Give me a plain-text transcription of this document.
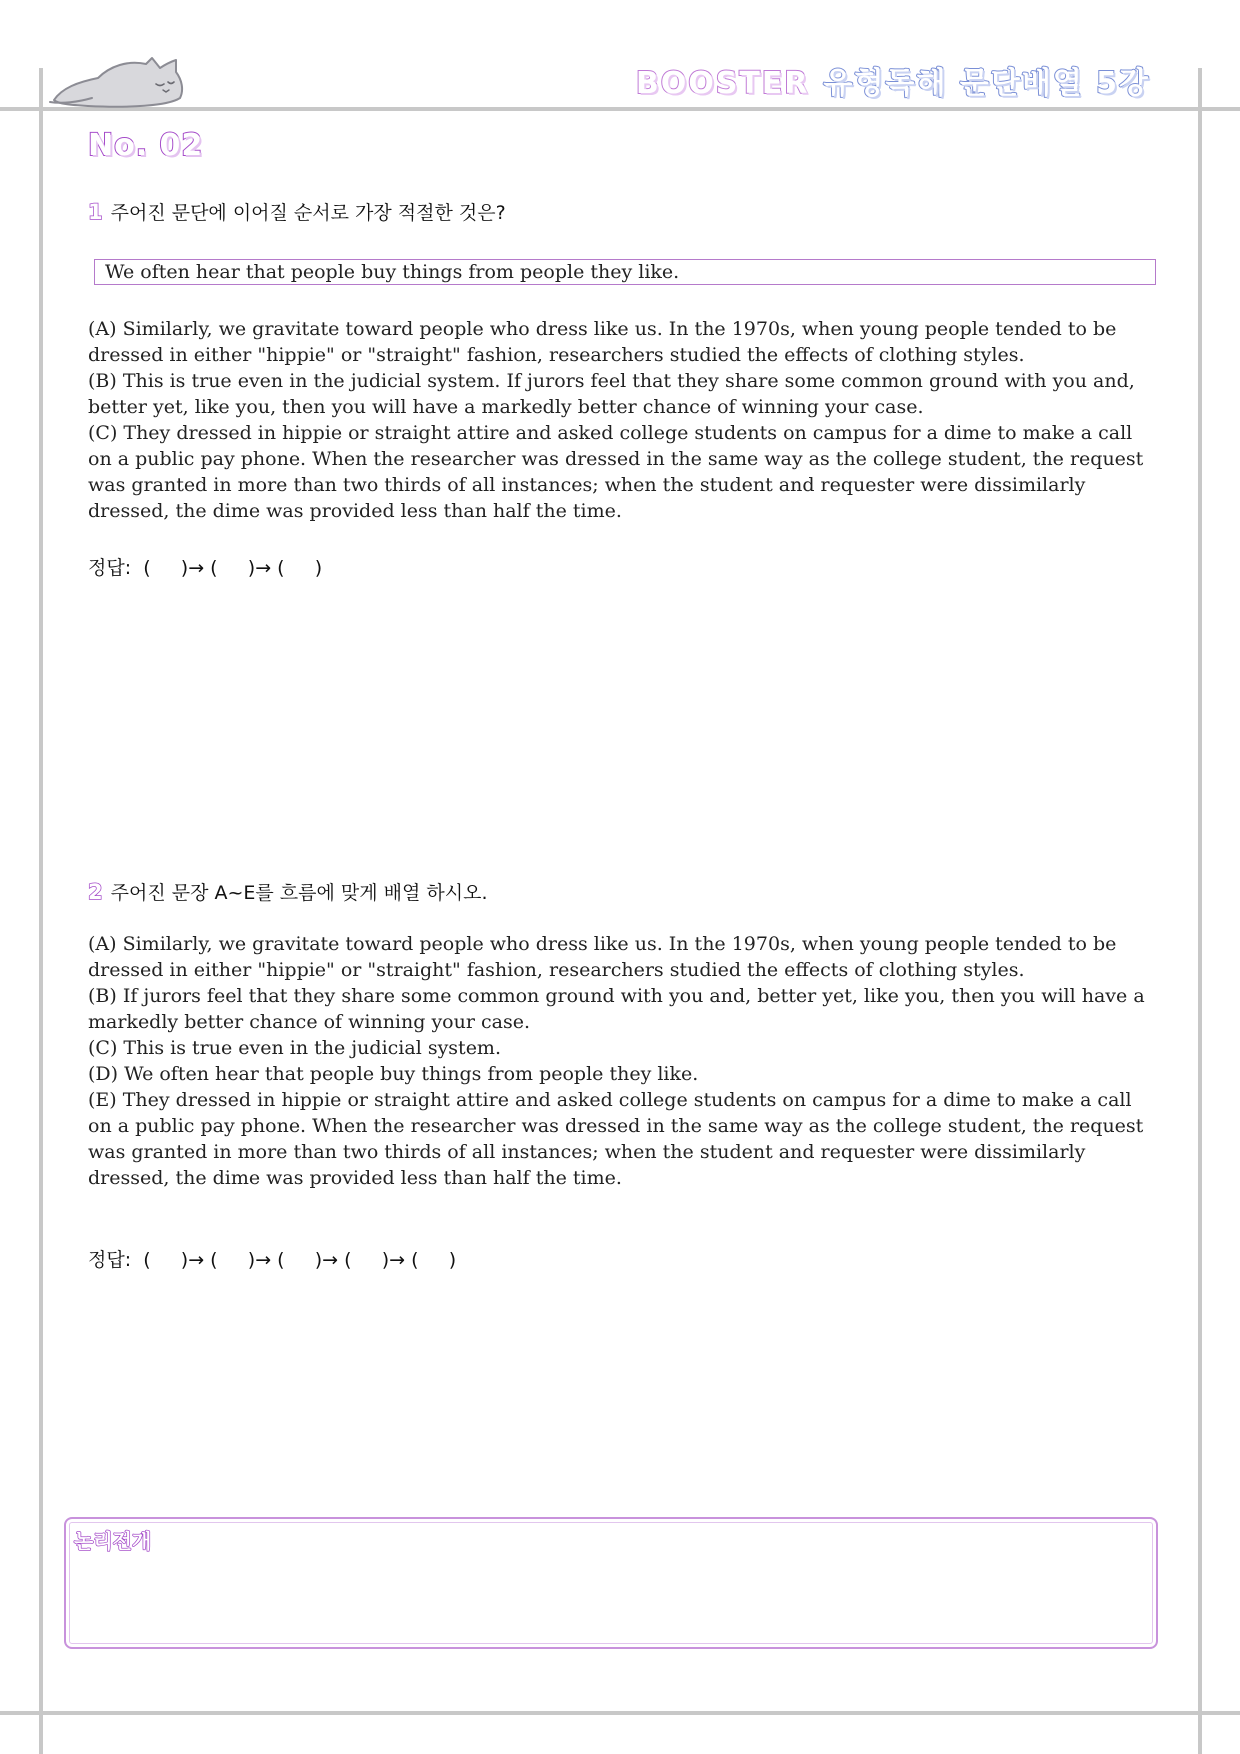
BOOSTER 유형독해 문단배열 5강
No. 02
1 주어진 문단에 이어질 순서로 가장 적절한 것은?
We often hear that people buy things from people they like.

(A) Similarly, we gravitate toward people who dress like us. In the 1970s, when young people tended to be dressed in either "hippie" or "straight" fashion, researchers studied the effects of clothing styles.

(B) This is true even in the judicial system. If jurors feel that they share some common ground with you and, better yet, like you, then you will have a markedly better chance of winning your case.

(C) They dressed in hippie or straight attire and asked college students on campus for a dime to make a call on a public pay phone. When the researcher was dressed in the same way as the college student, the request was granted in more than two thirds of all instances; when the student and requester were dissimilarly dressed, the dime was provided less than half the time.

정답:  (     )→ (     )→ (     )
2 주어진 문장 A~E를 흐름에 맞게 배열 하시오.

(A) Similarly, we gravitate toward people who dress like us. In the 1970s, when young people tended to be dressed in either "hippie" or "straight" fashion, researchers studied the effects of clothing styles.

(B) If jurors feel that they share some common ground with you and, better yet, like you, then you will have a markedly better chance of winning your case.

(C) This is true even in the judicial system.

(D) We often hear that people buy things from people they like.

(E) They dressed in hippie or straight attire and asked college students on campus for a dime to make a call on a public pay phone. When the researcher was dressed in the same way as the college student, the request was granted in more than two thirds of all instances; when the student and requester were dissimilarly dressed, the dime was provided less than half the time.

정답:  (     )→ (     )→ (     )→ (     )→ (     )
논리전개
